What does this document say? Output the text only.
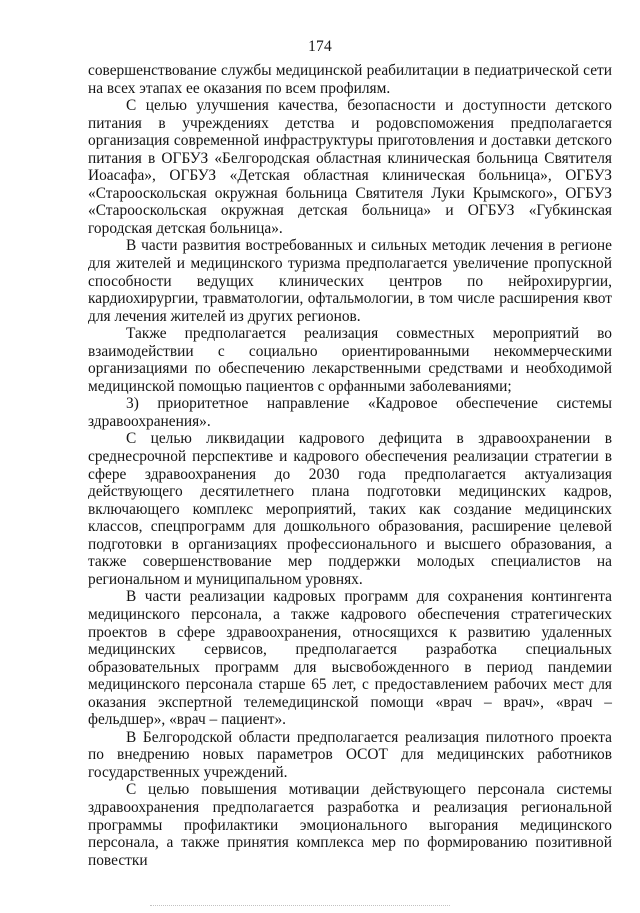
174

совершенствование службы медицинской реабилитации в педиатрической сети на всех этапах ее оказания по всем профилям.

С целью улучшения качества, безопасности и доступности детского питания в учреждениях детства и родовспоможения предполагается организация современной инфраструктуры приготовления и доставки детского питания в ОГБУЗ «Белгородская областная клиническая больница Святителя Иоасафа», ОГБУЗ «Детская областная клиническая больница», ОГБУЗ «Старооскольская окружная больница Святителя Луки Крымского», ОГБУЗ «Старооскольская окружная детская больница» и ОГБУЗ «Губкинская городская детская больница».

В части развития востребованных и сильных методик лечения в регионе для жителей и медицинского туризма предполагается увеличение пропускной способности ведущих клинических центров по нейрохирургии, кардиохирургии, травматологии, офтальмологии, в том числе расширения квот для лечения жителей из других регионов.

Также предполагается реализация совместных мероприятий во взаимодействии с социально ориентированными некоммерческими организациями по обеспечению лекарственными средствами и необходимой медицинской помощью пациентов с орфанными заболеваниями;

3) приоритетное направление «Кадровое обеспечение системы здравоохранения».

С целью ликвидации кадрового дефицита в здравоохранении в среднесрочной перспективе и кадрового обеспечения реализации стратегии в сфере здравоохранения до 2030 года предполагается актуализация действующего десятилетнего плана подготовки медицинских кадров, включающего комплекс мероприятий, таких как создание медицинских классов, спецпрограмм для дошкольного образования, расширение целевой подготовки в организациях профессионального и высшего образования, а также совершенствование мер поддержки молодых специалистов на региональном и муниципальном уровнях.

В части реализации кадровых программ для сохранения контингента медицинского персонала, а также кадрового обеспечения стратегических проектов в сфере здравоохранения, относящихся к развитию удаленных медицинских сервисов, предполагается разработка специальных образовательных программ для высвобожденного в период пандемии медицинского персонала старше 65 лет, с предоставлением рабочих мест для оказания экспертной телемедицинской помощи «врач – врач», «врач – фельдшер», «врач – пациент».

В Белгородской области предполагается реализация пилотного проекта по внедрению новых параметров ОСОТ для медицинских работников государственных учреждений.

С целью повышения мотивации действующего персонала системы здравоохранения предполагается разработка и реализация региональной программы профилактики эмоционального выгорания медицинского персонала, а также принятия комплекса мер по формированию позитивной повестки
